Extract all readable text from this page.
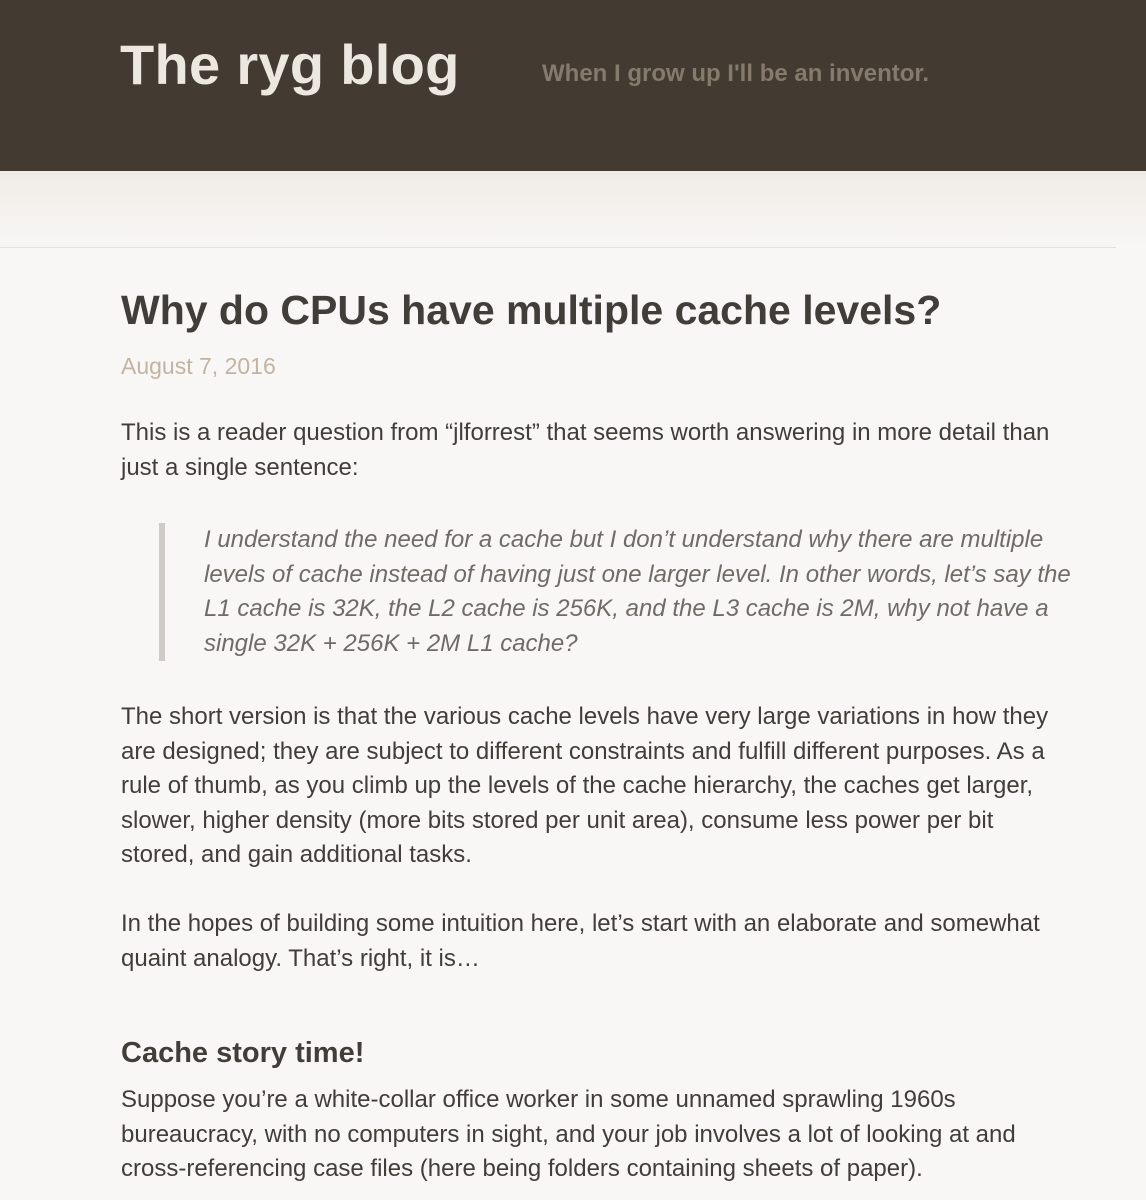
The ryg blog	When I grow up I'll be an inventor.

Why do CPUs have multiple cache levels?
August 7, 2016

This is a reader question from “jlforrest” that seems worth answering in more detail than just a single sentence:

I understand the need for a cache but I don’t understand why there are multiple levels of cache instead of having just one larger level. In other words, let’s say the L1 cache is 32K, the L2 cache is 256K, and the L3 cache is 2M, why not have a single 32K + 256K + 2M L1 cache?

The short version is that the various cache levels have very large variations in how they are designed; they are subject to different constraints and fulfill different purposes. As a rule of thumb, as you climb up the levels of the cache hierarchy, the caches get larger, slower, higher density (more bits stored per unit area), consume less power per bit stored, and gain additional tasks.

In the hopes of building some intuition here, let’s start with an elaborate and somewhat quaint analogy. That’s right, it is…

Cache story time!

Suppose you’re a white-collar office worker in some unnamed sprawling 1960s bureaucracy, with no computers in sight, and your job involves a lot of looking at and cross-referencing case files (here being folders containing sheets of paper).
